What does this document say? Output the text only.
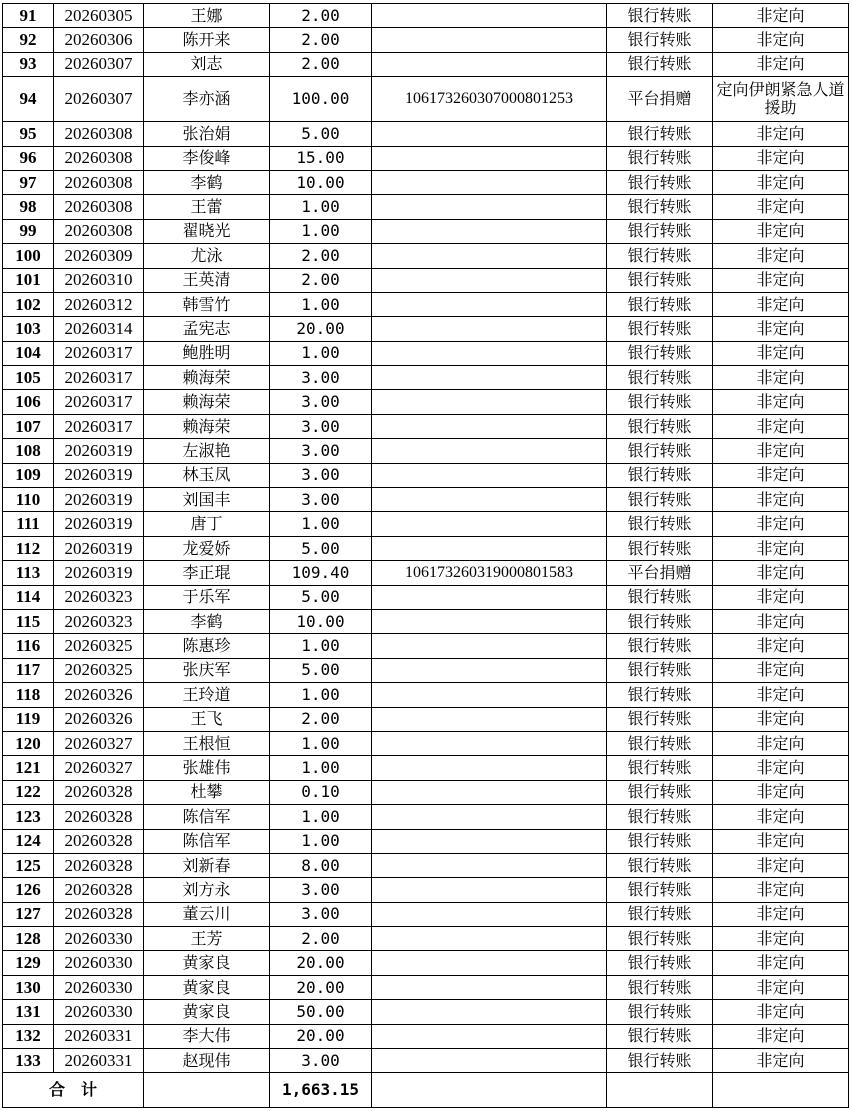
91	20260305	王娜	2.00		银行转账	非定向
92	20260306	陈开来	2.00		银行转账	非定向
93	20260307	刘志	2.00		银行转账	非定向
94	20260307	李亦涵	100.00	106173260307000801253	平台捐赠	定向伊朗紧急人道援助
95	20260308	张治娟	5.00		银行转账	非定向
96	20260308	李俊峰	15.00		银行转账	非定向
97	20260308	李鹤	10.00		银行转账	非定向
98	20260308	王蕾	1.00		银行转账	非定向
99	20260308	翟晓光	1.00		银行转账	非定向
100	20260309	尤泳	2.00		银行转账	非定向
101	20260310	王英清	2.00		银行转账	非定向
102	20260312	韩雪竹	1.00		银行转账	非定向
103	20260314	孟宪志	20.00		银行转账	非定向
104	20260317	鲍胜明	1.00		银行转账	非定向
105	20260317	赖海荣	3.00		银行转账	非定向
106	20260317	赖海荣	3.00		银行转账	非定向
107	20260317	赖海荣	3.00		银行转账	非定向
108	20260319	左淑艳	3.00		银行转账	非定向
109	20260319	林玉凤	3.00		银行转账	非定向
110	20260319	刘国丰	3.00		银行转账	非定向
111	20260319	唐丁	1.00		银行转账	非定向
112	20260319	龙爱娇	5.00		银行转账	非定向
113	20260319	李正琨	109.40	106173260319000801583	平台捐赠	非定向
114	20260323	于乐军	5.00		银行转账	非定向
115	20260323	李鹤	10.00		银行转账	非定向
116	20260325	陈惠珍	1.00		银行转账	非定向
117	20260325	张庆军	5.00		银行转账	非定向
118	20260326	王玲道	1.00		银行转账	非定向
119	20260326	王飞	2.00		银行转账	非定向
120	20260327	王根恒	1.00		银行转账	非定向
121	20260327	张雄伟	1.00		银行转账	非定向
122	20260328	杜攀	0.10		银行转账	非定向
123	20260328	陈信军	1.00		银行转账	非定向
124	20260328	陈信军	1.00		银行转账	非定向
125	20260328	刘新春	8.00		银行转账	非定向
126	20260328	刘方永	3.00		银行转账	非定向
127	20260328	董云川	3.00		银行转账	非定向
128	20260330	王芳	2.00		银行转账	非定向
129	20260330	黄家良	20.00		银行转账	非定向
130	20260330	黄家良	20.00		银行转账	非定向
131	20260330	黄家良	50.00		银行转账	非定向
132	20260331	李大伟	20.00		银行转账	非定向
133	20260331	赵现伟	3.00		银行转账	非定向
合计			1,663.15			
